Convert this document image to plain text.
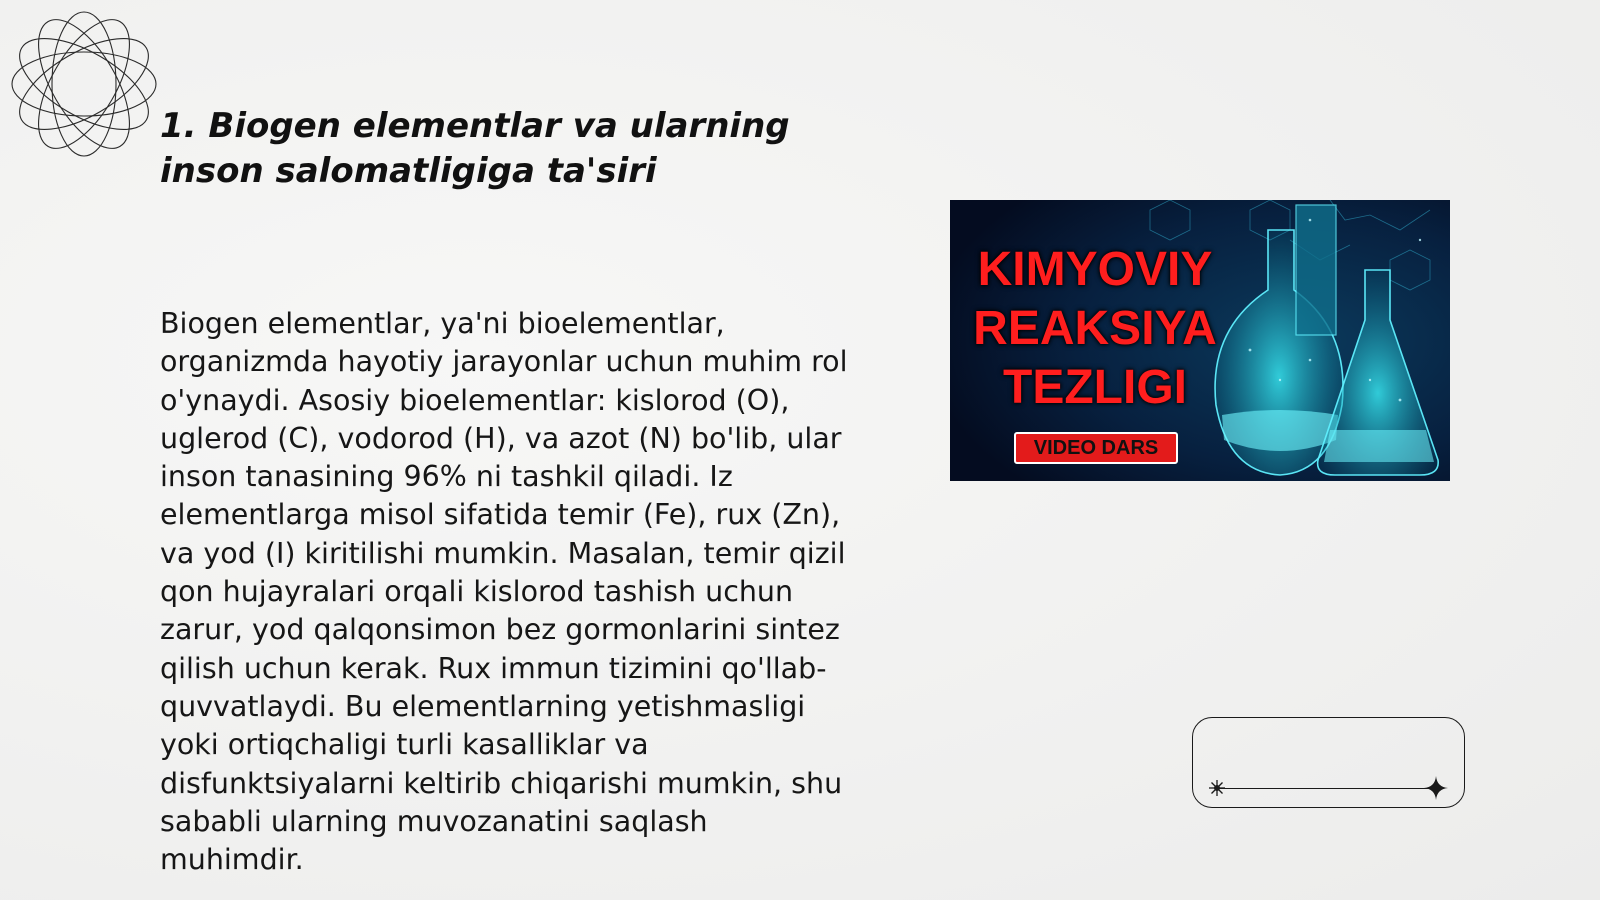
1. Biogen elementlar va ularning inson salomatligiga ta'siri

Biogen elementlar, ya'ni bioelementlar, organizmda hayotiy jarayonlar uchun muhim rol o'ynaydi. Asosiy bioelementlar: kislorod (O), uglerod (C), vodorod (H), va azot (N) bo'lib, ular inson tanasining 96% ni tashkil qiladi. Iz elementlarga misol sifatida temir (Fe), rux (Zn), va yod (I) kiritilishi mumkin. Masalan, temir qizil qon hujayralari orqali kislorod tashish uchun zarur, yod qalqonsimon bez gormonlarini sintez qilish uchun kerak. Rux immun tizimini qo'llab-quvvatlaydi. Bu elementlarning yetishmasligi yoki ortiqchaligi turli kasalliklar va disfunktsiyalarni keltirib chiqarishi mumkin, shu sababli ularning muvozanatini saqlash muhimdir.

KIMYOVIY
REAKSIYA
TEZLIGI
VIDEO DARS
